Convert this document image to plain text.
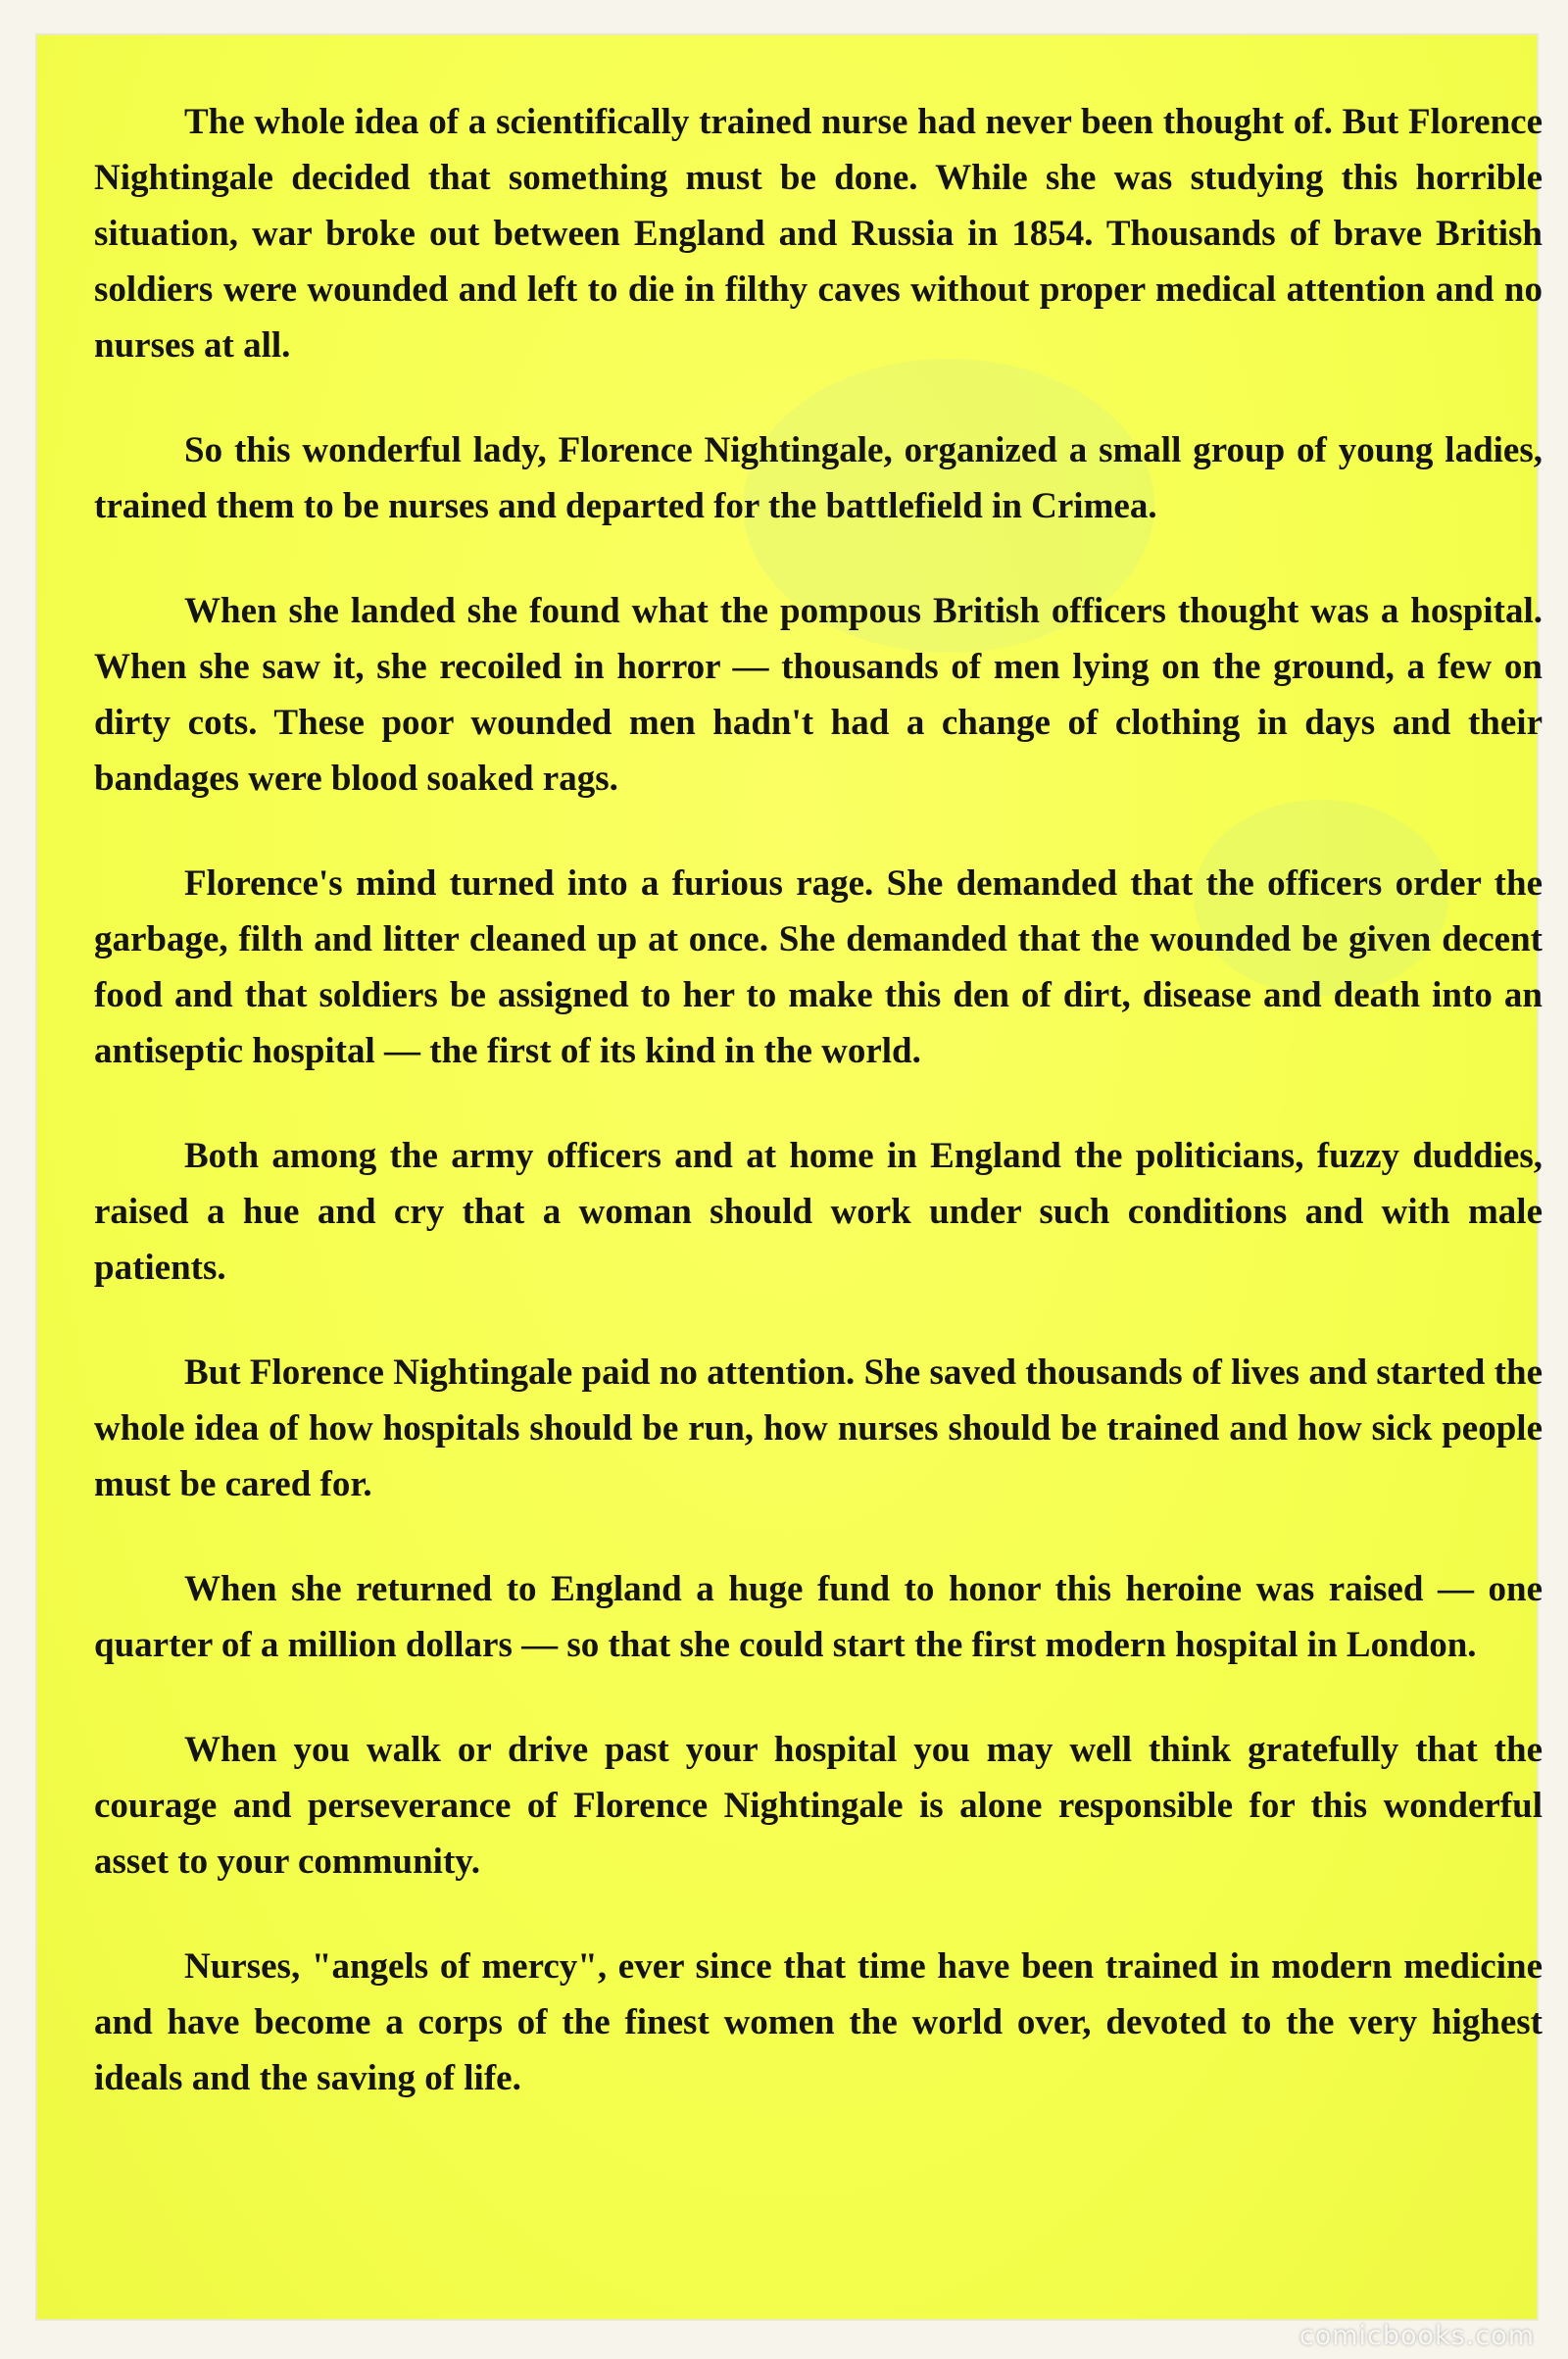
The whole idea of a scientifically trained nurse had never been thought of. But Florence Nightingale decided that something must be done. While she was studying this horrible situation, war broke out between England and Russia in 1854. Thousands of brave British soldiers were wounded and left to die in filthy caves without proper medical attention and no nurses at all.

So this wonderful lady, Florence Nightingale, organized a small group of young ladies, trained them to be nurses and departed for the battlefield in Crimea.

When she landed she found what the pompous British officers thought was a hospital. When she saw it, she recoiled in horror — thousands of men lying on the ground, a few on dirty cots. These poor wounded men hadn't had a change of clothing in days and their bandages were blood soaked rags.

Florence's mind turned into a furious rage. She demanded that the officers order the garbage, filth and litter cleaned up at once. She demanded that the wounded be given decent food and that soldiers be assigned to her to make this den of dirt, disease and death into an antiseptic hospital — the first of its kind in the world.

Both among the army officers and at home in England the politicians, fuzzy duddies, raised a hue and cry that a woman should work under such conditions and with male patients.

But Florence Nightingale paid no attention. She saved thousands of lives and started the whole idea of how hospitals should be run, how nurses should be trained and how sick people must be cared for.

When she returned to England a huge fund to honor this heroine was raised — one quarter of a million dollars — so that she could start the first modern hospital in London.

When you walk or drive past your hospital you may well think gratefully that the courage and perseverance of Florence Nightingale is alone responsible for this wonderful asset to your community.

Nurses, "angels of mercy", ever since that time have been trained in modern medicine and have become a corps of the finest women the world over, devoted to the very highest ideals and the saving of life.

comicbooks.com
